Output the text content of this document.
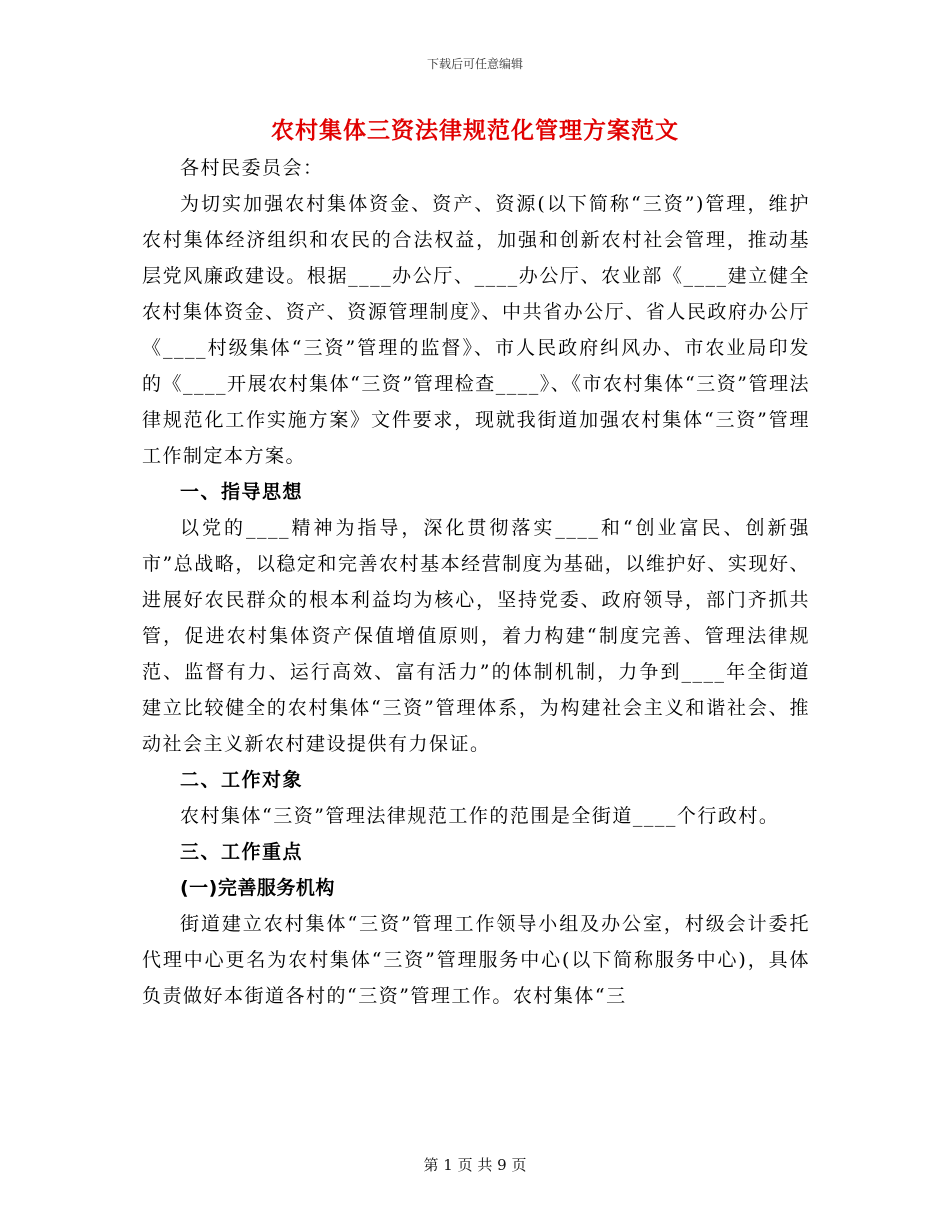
下载后可任意编辑
农村集体三资法律规范化管理方案范文

各村民委员会：

为切实加强农村集体资金、资产、资源(以下简称“三资”)管理，维护农村集体经济组织和农民的合法权益，加强和创新农村社会管理，推动基层党风廉政建设。根据____办公厅、____办公厅、农业部《____建立健全农村集体资金、资产、资源管理制度》、中共省办公厅、省人民政府办公厅《____村级集体“三资”管理的监督》、市人民政府纠风办、市农业局印发的《____开展农村集体“三资”管理检查____》、《市农村集体“三资”管理法律规范化工作实施方案》文件要求，现就我街道加强农村集体“三资”管理工作制定本方案。

一、指导思想

以党的____精神为指导，深化贯彻落实____和“创业富民、创新强市”总战略，以稳定和完善农村基本经营制度为基础，以维护好、实现好、进展好农民群众的根本利益均为核心，坚持党委、政府领导，部门齐抓共管，促进农村集体资产保值增值原则，着力构建“制度完善、管理法律规范、监督有力、运行高效、富有活力”的体制机制，力争到____年全街道建立比较健全的农村集体“三资”管理体系，为构建社会主义和谐社会、推动社会主义新农村建设提供有力保证。

二、工作对象

农村集体“三资”管理法律规范工作的范围是全街道____个行政村。

三、工作重点
(一)完善服务机构

街道建立农村集体“三资”管理工作领导小组及办公室，村级会计委托代理中心更名为农村集体“三资”管理服务中心(以下简称服务中心)，具体负责做好本街道各村的“三资”管理工作。农村集体“三

第 1 页 共 9 页
